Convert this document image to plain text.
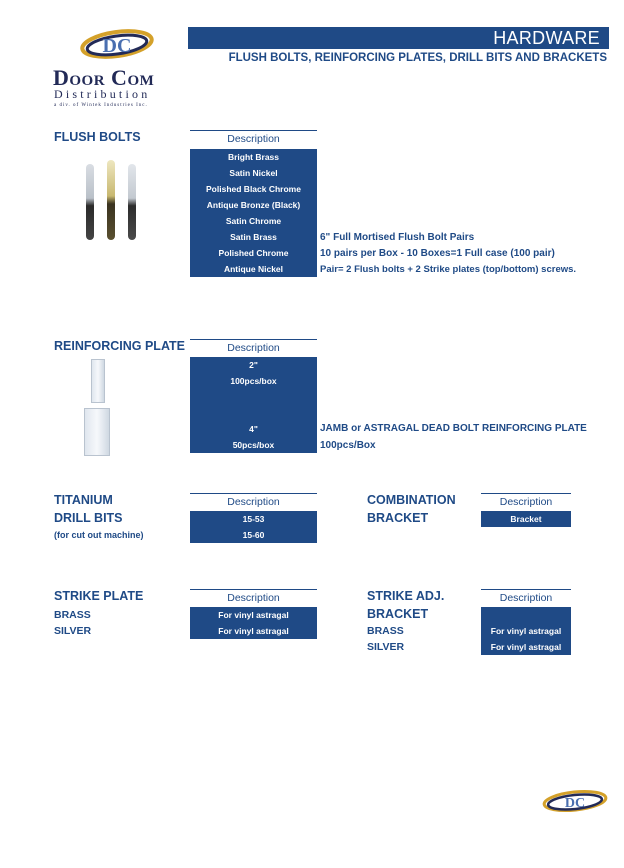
DC
Door Com
Distribution
a div. of Wintek Industries Inc.
HARDWARE
FLUSH BOLTS, REINFORCING PLATES, DRILL BITS AND BRACKETS
FLUSH BOLTS	Description
Bright Brass
Satin Nickel
Polished Black Chrome
Antique Bronze (Black)
Satin Chrome
Satin Brass
Polished Chrome
Antique Nickel
6" Full Mortised Flush Bolt Pairs
10 pairs per Box - 10 Boxes=1 Full case (100 pair)
Pair= 2 Flush bolts + 2 Strike plates (top/bottom) screws.
REINFORCING PLATE	Description
2"
100pcs/box
4"
50pcs/box
JAMB or ASTRAGAL DEAD BOLT REINFORCING PLATE
100pcs/Box
TITANIUM
DRILL BITS
(for cut out machine)
Description
15-53
15-60
COMBINATION
BRACKET
Description
Bracket
STRIKE PLATE
BRASS
SILVER
Description
For vinyl astragal
For vinyl astragal
STRIKE ADJ.
BRACKET
BRASS
SILVER
Description
For vinyl astragal
For vinyl astragal
DC
